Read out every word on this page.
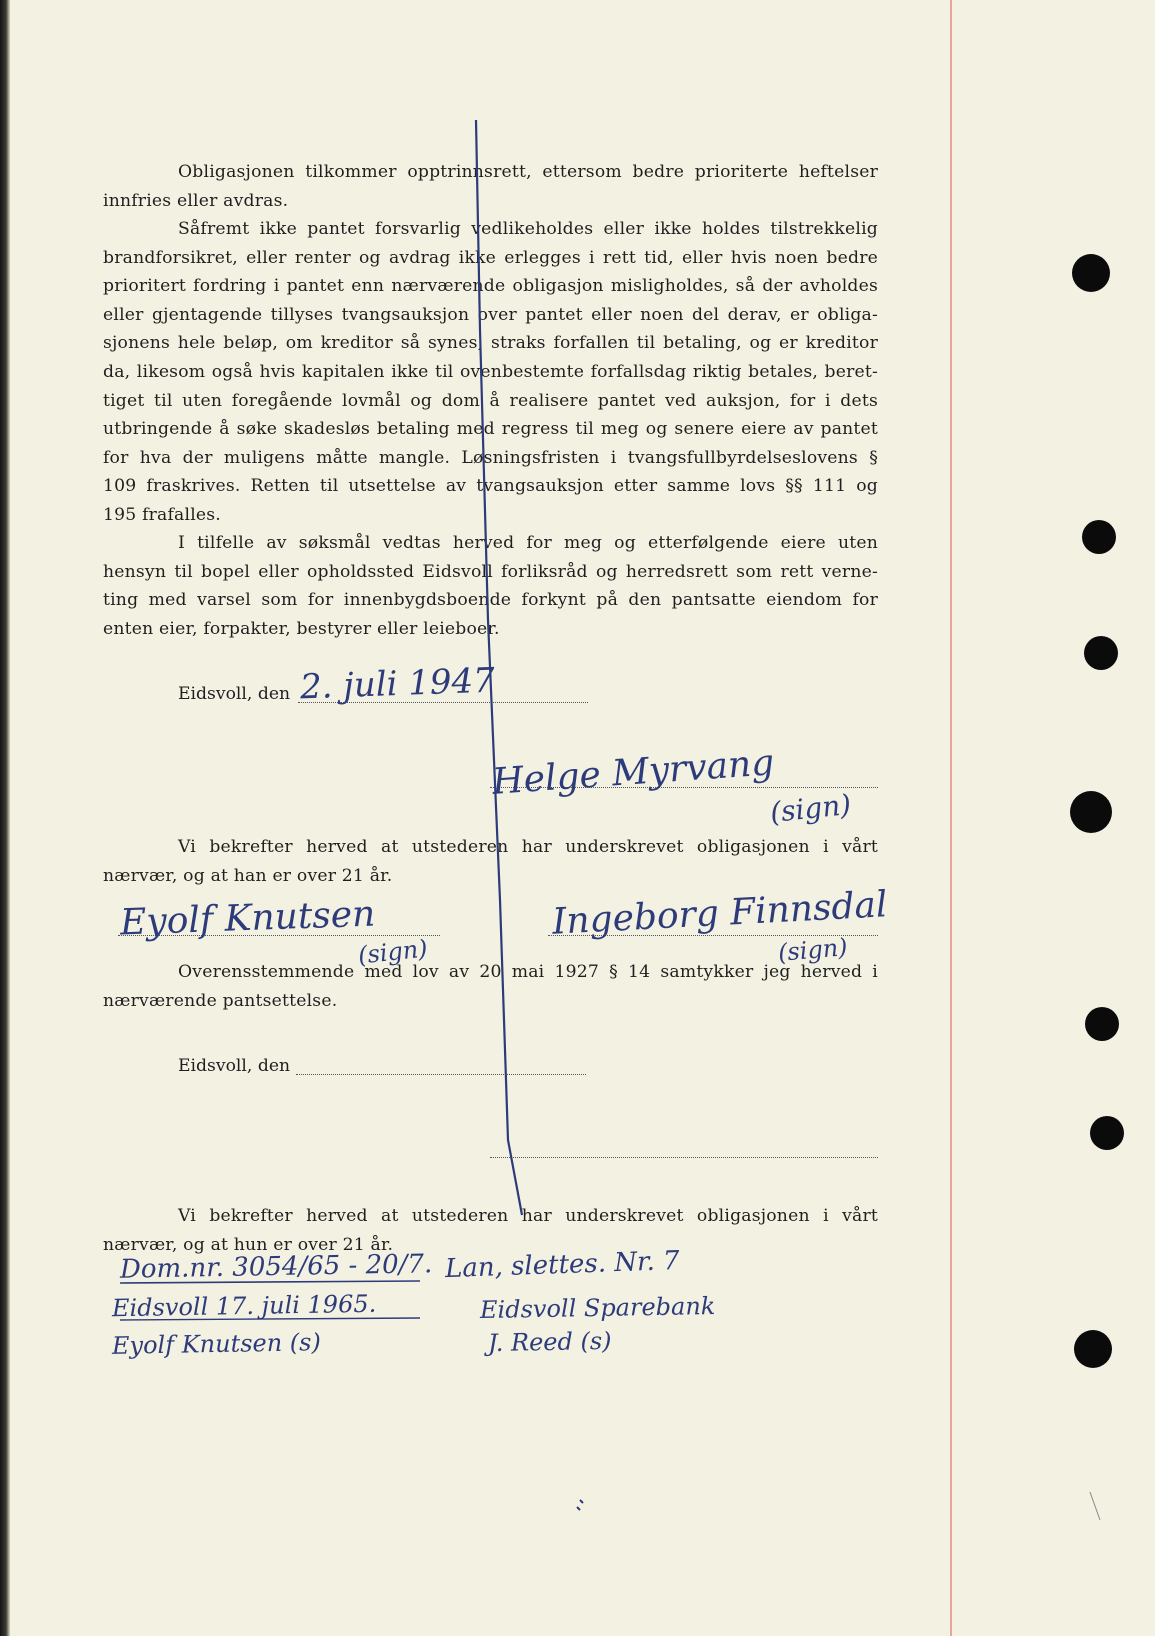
Obligasjonen tilkommer opptrinnsrett, ettersom bedre prioriterte heftelser
innfries eller avdras.
Såfremt ikke pantet forsvarlig vedlikeholdes eller ikke holdes tilstrekkelig
brandforsikret, eller renter og avdrag ikke erlegges i rett tid, eller hvis noen bedre
prioritert fordring i pantet enn nærværende obligasjon misligholdes, så der avholdes
eller gjentagende tillyses tvangsauksjon over pantet eller noen del derav, er obliga-
sjonens hele beløp, om kreditor så synes, straks forfallen til betaling, og er kreditor
da, likesom også hvis kapitalen ikke til ovenbestemte forfallsdag riktig betales, beret-
tiget til uten foregående lovmål og dom å realisere pantet ved auksjon, for i dets
utbringende å søke skadesløs betaling med regress til meg og senere eiere av pantet
for hva der muligens måtte mangle. Løsningsfristen i tvangsfullbyrdelseslovens §
109 fraskrives. Retten til utsettelse av tvangsauksjon etter samme lovs §§ 111 og
195 frafalles.
I tilfelle av søksmål vedtas herved for meg og etterfølgende eiere uten
hensyn til bopel eller opholdssted Eidsvoll forliksråd og herredsrett som rett verne-
ting med varsel som for innenbygdsboende forkynt på den pantsatte eiendom for
enten eier, forpakter, bestyrer eller leieboer.
Eidsvoll, den 2. juli 1947
Helge Myrvang
(sign)
Vi bekrefter herved at utstederen har underskrevet obligasjonen i vårt
nærvær, og at han er over 21 år.
Eyolf Knutsen
(sign)
Ingeborg Finnsdal
(sign)
Overensstemmende med lov av 20 mai 1927 § 14 samtykker jeg herved i
nærværende pantsettelse.
Eidsvoll, den
Vi bekrefter herved at utstederen har underskrevet obligasjonen i vårt
nærvær, og at hun er over 21 år.
Dom.nr. 3054/65 - 20/7. Lan, slettes. Nr. 7
Eidsvoll 17. juli 1965.	Eidsvoll Sparebank
Eyolf Knutsen (s)	J. Reed (s)
